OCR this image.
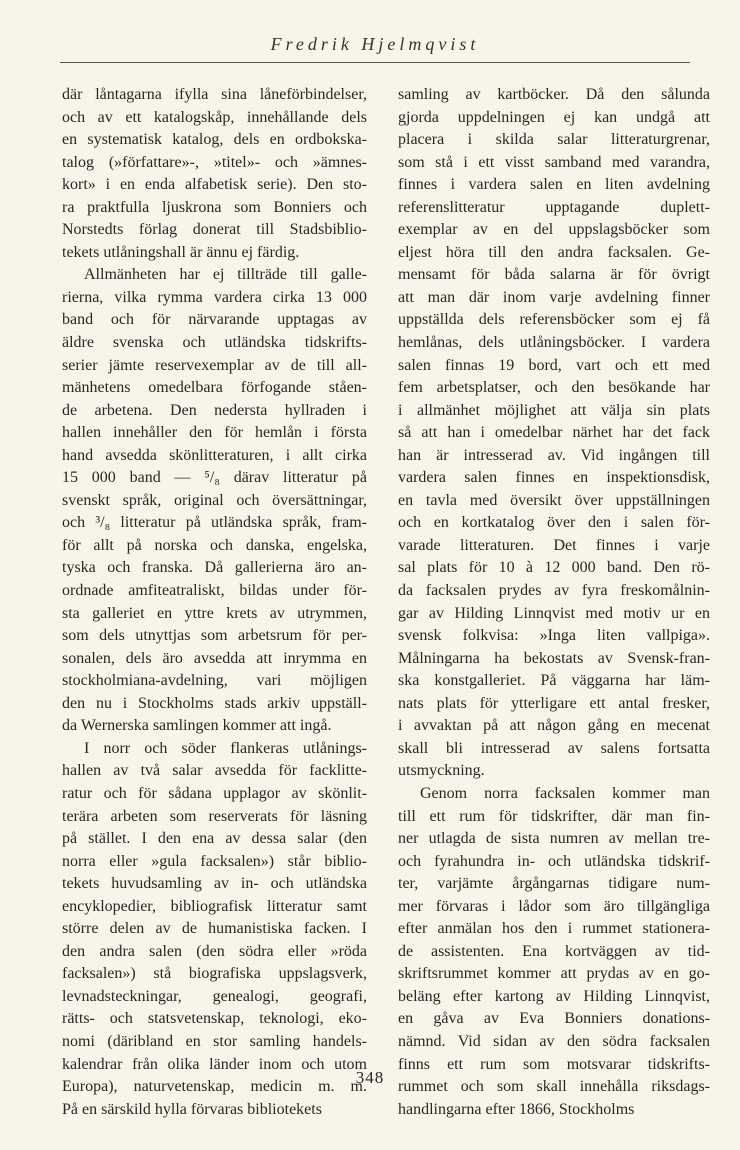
Fredrik Hjelmqvist
där låntagarna ifylla sina låneförbindelser,
och av ett katalogskåp, innehållande dels
en systematisk katalog, dels en ordbokska-
talog (»författare»-, »titel»- och »ämnes-
kort» i en enda alfabetisk serie). Den sto-
ra praktfulla ljuskrona som Bonniers och
Norstedts förlag donerat till Stadsbiblio-
tekets utlåningshall är ännu ej färdig.
Allmänheten har ej tillträde till galle-
rierna, vilka rymma vardera cirka 13 000
band och för närvarande upptagas av
äldre svenska och utländska tidskrifts-
serier jämte reservexemplar av de till all-
mänhetens omedelbara förfogande ståen-
de arbetena. Den nedersta hyllraden i
hallen innehåller den för hemlån i första
hand avsedda skönlitteraturen, i allt cirka
15 000 band — ⁵/₈ därav litteratur på
svenskt språk, original och översättningar,
och ³/₈ litteratur på utländska språk, fram-
för allt på norska och danska, engelska,
tyska och franska. Då gallerierna äro an-
ordnade amfiteatraliskt, bildas under för-
sta galleriet en yttre krets av utrymmen,
som dels utnyttjas som arbetsrum för per-
sonalen, dels äro avsedda att inrymma en
stockholmiana-avdelning, vari möjligen
den nu i Stockholms stads arkiv uppställ-
da Wernerska samlingen kommer att ingå.
I norr och söder flankeras utlånings-
hallen av två salar avsedda för facklitte-
ratur och för sådana upplagor av skönlit-
terära arbeten som reserverats för läsning
på stället. I den ena av dessa salar (den
norra eller »gula facksalen») står biblio-
tekets huvudsamling av in- och utländska
encyklopedier, bibliografisk litteratur samt
större delen av de humanistiska facken. I
den andra salen (den södra eller »röda
facksalen») stå biografiska uppslagsverk,
levnadsteckningar, genealogi, geografi,
rätts- och statsvetenskap, teknologi, eko-
nomi (däribland en stor samling handels-
kalendrar från olika länder inom och utom
Europa), naturvetenskap, medicin m. m.
På en särskild hylla förvaras bibliotekets
samling av kartböcker. Då den sålunda
gjorda uppdelningen ej kan undgå att
placera i skilda salar litteraturgrenar,
som stå i ett visst samband med varandra,
finnes i vardera salen en liten avdelning
referenslitteratur upptagande duplett-
exemplar av en del uppslagsböcker som
eljest höra till den andra facksalen. Ge-
mensamt för båda salarna är för övrigt
att man där inom varje avdelning finner
uppställda dels referensböcker som ej få
hemlånas, dels utlåningsböcker. I vardera
salen finnas 19 bord, vart och ett med
fem arbetsplatser, och den besökande har
i allmänhet möjlighet att välja sin plats
så att han i omedelbar närhet har det fack
han är intresserad av. Vid ingången till
vardera salen finnes en inspektionsdisk,
en tavla med översikt över uppställningen
och en kortkatalog över den i salen för-
varade litteraturen. Det finnes i varje
sal plats för 10 à 12 000 band. Den rö-
da facksalen prydes av fyra freskomålnin-
gar av Hilding Linnqvist med motiv ur en
svensk folkvisa: »Inga liten vallpiga».
Målningarna ha bekostats av Svensk-fran-
ska konstgalleriet. På väggarna har läm-
nats plats för ytterligare ett antal fresker,
i avvaktan på att någon gång en mecenat
skall bli intresserad av salens fortsatta
utsmyckning.
Genom norra facksalen kommer man
till ett rum för tidskrifter, där man fin-
ner utlagda de sista numren av mellan tre-
och fyrahundra in- och utländska tidskrif-
ter, varjämte årgångarnas tidigare num-
mer förvaras i lådor som äro tillgängliga
efter anmälan hos den i rummet stationera-
de assistenten. Ena kortväggen av tid-
skriftsrummet kommer att prydas av en go-
beläng efter kartong av Hilding Linnqvist,
en gåva av Eva Bonniers donations-
nämnd. Vid sidan av den södra facksalen
finns ett rum som motsvarar tidskrifts-
rummet och som skall innehålla riksdags-
handlingarna efter 1866, Stockholms
348
